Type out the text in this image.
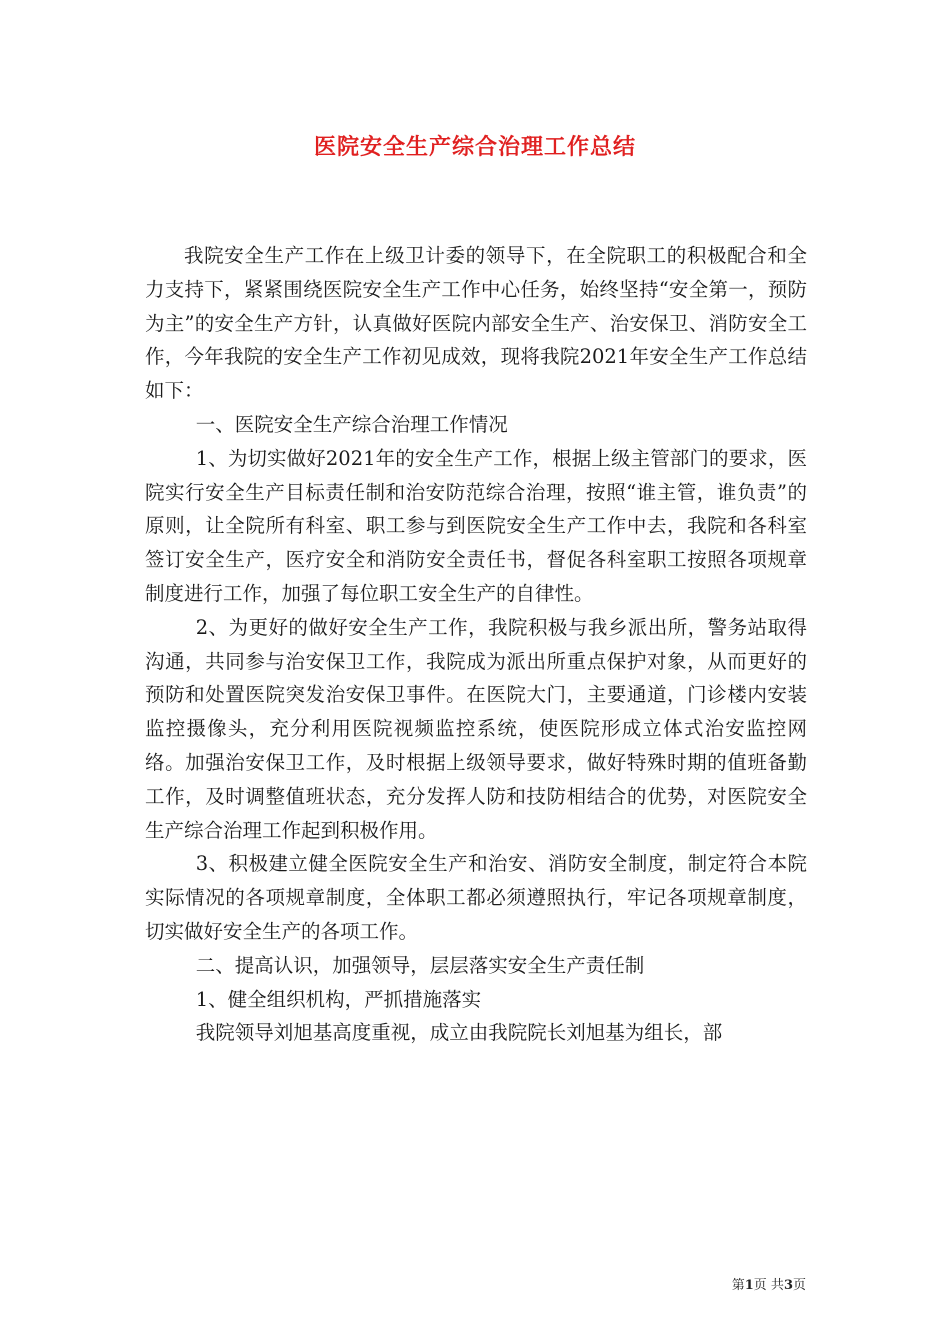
医院安全生产综合治理工作总结

我院安全生产工作在上级卫计委的领导下，在全院职工的积极配合和全力支持下，紧紧围绕医院安全生产工作中心任务，始终坚持“安全第一，预防为主”的安全生产方针，认真做好医院内部安全生产、治安保卫、消防安全工作，今年我院的安全生产工作初见成效，现将我院2021年安全生产工作总结如下：

一、医院安全生产综合治理工作情况

1、为切实做好2021年的安全生产工作，根据上级主管部门的要求，医院实行安全生产目标责任制和治安防范综合治理，按照“谁主管，谁负责”的原则，让全院所有科室、职工参与到医院安全生产工作中去，我院和各科室签订安全生产，医疗安全和消防安全责任书，督促各科室职工按照各项规章制度进行工作，加强了每位职工安全生产的自律性。

2、为更好的做好安全生产工作，我院积极与我乡派出所，警务站取得沟通，共同参与治安保卫工作，我院成为派出所重点保护对象，从而更好的预防和处置医院突发治安保卫事件。在医院大门，主要通道，门诊楼内安装监控摄像头，充分利用医院视频监控系统，使医院形成立体式治安监控网络。加强治安保卫工作，及时根据上级领导要求，做好特殊时期的值班备勤工作，及时调整值班状态，充分发挥人防和技防相结合的优势，对医院安全生产综合治理工作起到积极作用。

3、积极建立健全医院安全生产和治安、消防安全制度，制定符合本院实际情况的各项规章制度，全体职工都必须遵照执行，牢记各项规章制度，切实做好安全生产的各项工作。

二、提高认识，加强领导，层层落实安全生产责任制

1、健全组织机构，严抓措施落实

我院领导刘旭基高度重视，成立由我院院长刘旭基为组长，部

第1页 共3页
